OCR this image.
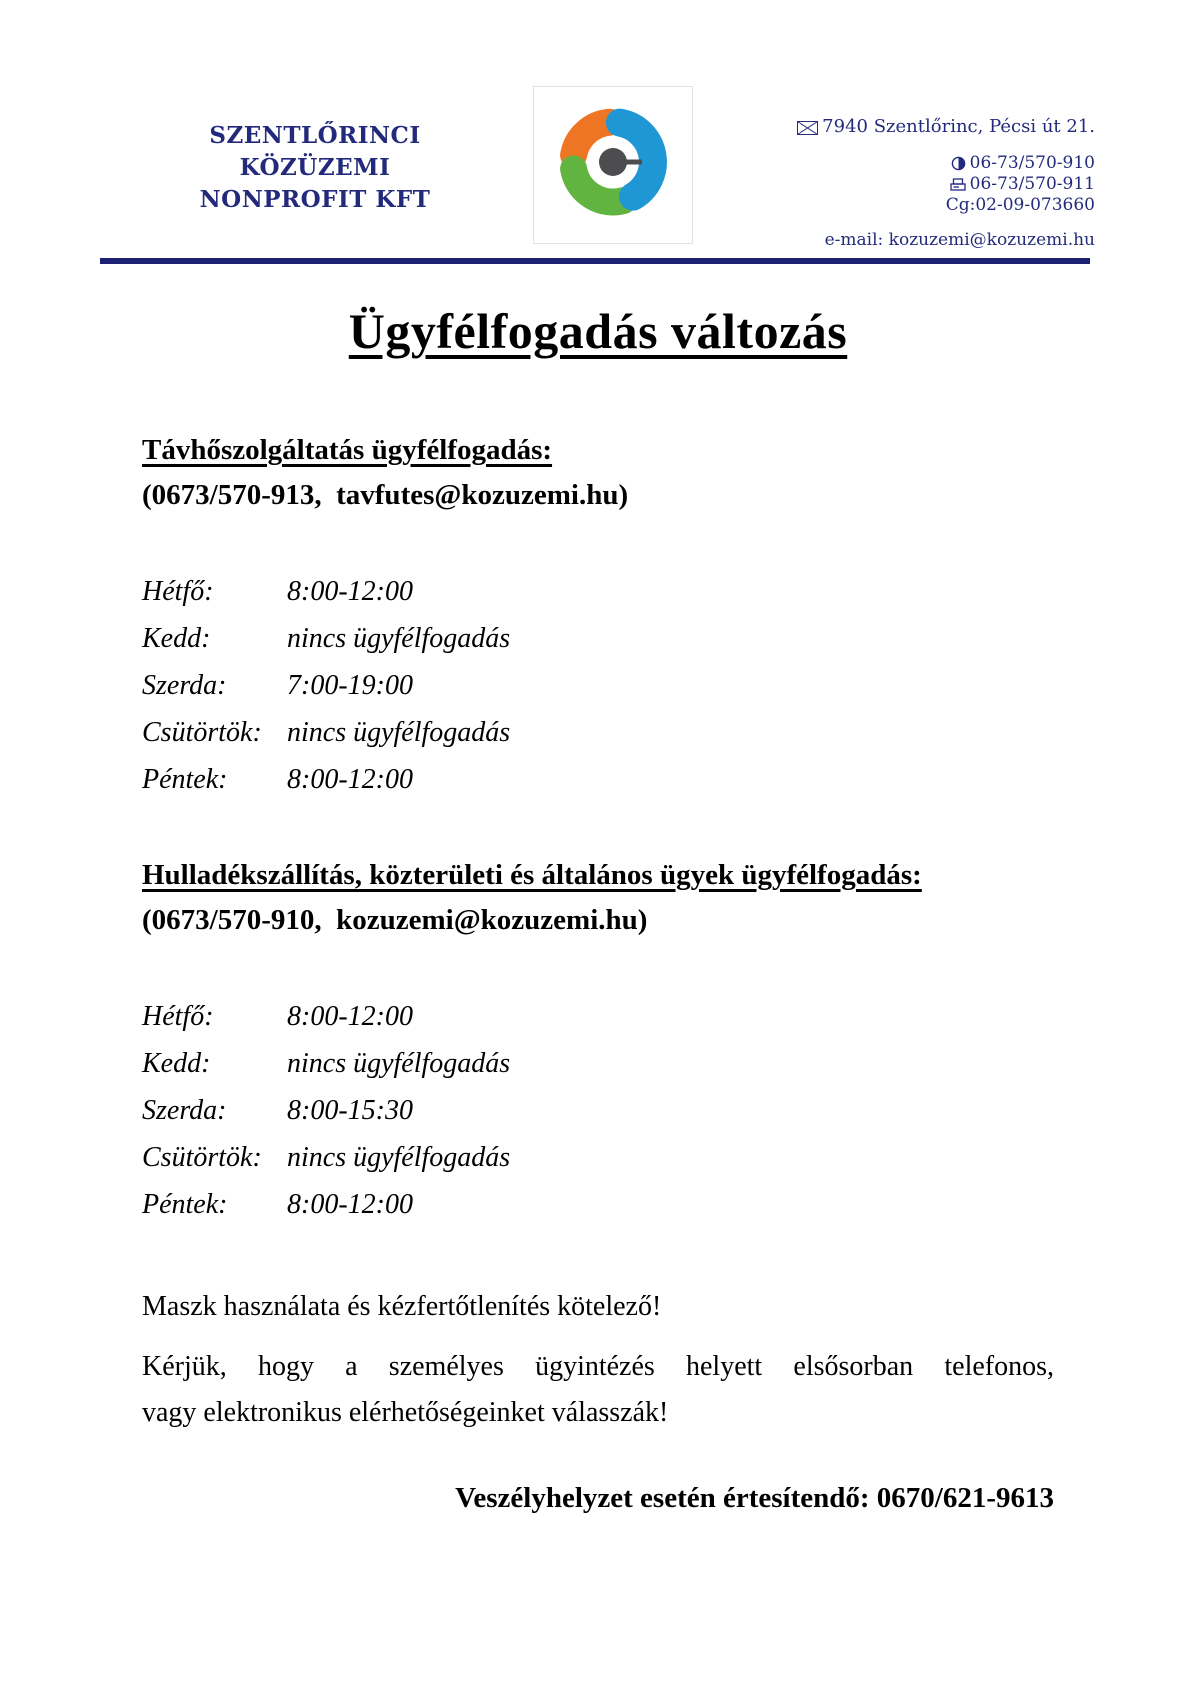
SZENTLŐRINCI
KÖZÜZEMI
NONPROFIT KFT
7940 Szentlőrinc, Pécsi út 21.
06-73/570-910
06-73/570-911
Cg:02-09-073660
e-mail: kozuzemi@kozuzemi.hu
Ügyfélfogadás változás
Távhőszolgáltatás ügyfélfogadás:
(0673/570-913,  tavfutes@kozuzemi.hu)
Hétfő:	8:00-12:00
Kedd:	nincs ügyfélfogadás
Szerda: 7:00-19:00
Csütörtök: nincs ügyfélfogadás
Péntek: 8:00-12:00
Hulladékszállítás, közterületi és általános ügyek ügyfélfogadás:
(0673/570-910,  kozuzemi@kozuzemi.hu)
Hétfő:	8:00-12:00
Kedd:	nincs ügyfélfogadás
Szerda: 8:00-15:30
Csütörtök: nincs ügyfélfogadás
Péntek: 8:00-12:00
Maszk használata és kézfertőtlenítés kötelező!
Kérjük, hogy a személyes ügyintézés helyett elsősorban telefonos,
vagy elektronikus elérhetőségeinket válasszák!
Veszélyhelyzet esetén értesítendő: 0670/621-9613
